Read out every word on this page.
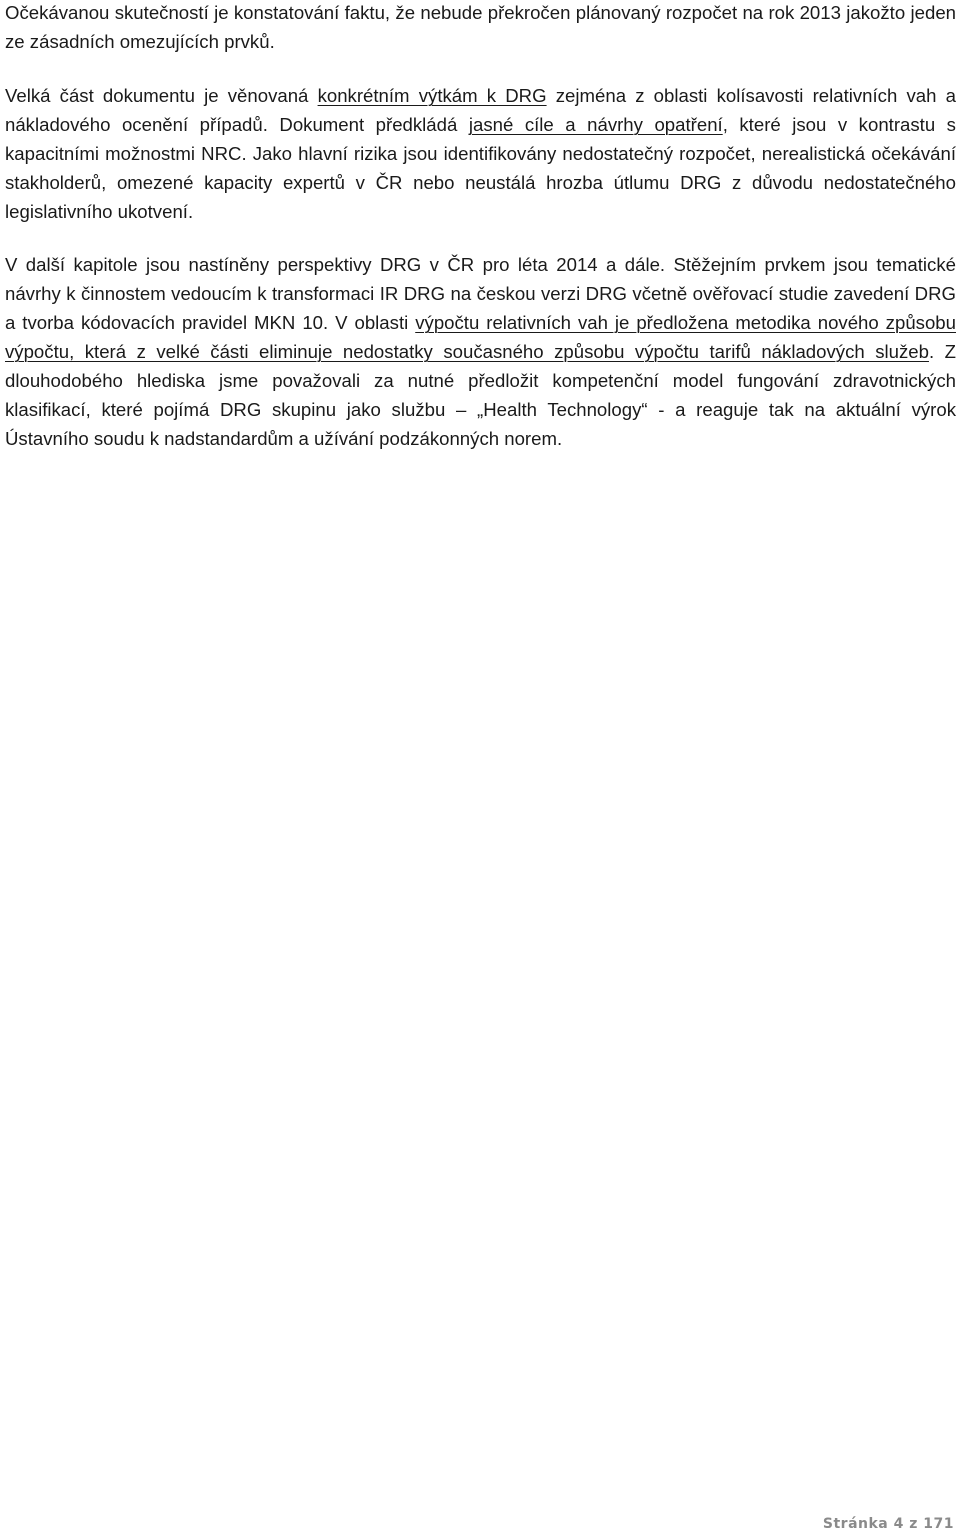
Očekávanou skutečností je konstatování faktu, že nebude překročen plánovaný rozpočet na rok 2013 jakožto jeden ze zásadních omezujících prvků.

Velká část dokumentu je věnovaná konkrétním výtkám k DRG zejména z oblasti kolísavosti relativních vah a nákladového ocenění případů. Dokument předkládá jasné cíle a návrhy opatření, které jsou v kontrastu s kapacitními možnostmi NRC. Jako hlavní rizika jsou identifikovány nedostatečný rozpočet, nerealistická očekávání stakholderů, omezené kapacity expertů v ČR nebo neustálá hrozba útlumu DRG z důvodu nedostatečného legislativního ukotvení.

V další kapitole jsou nastíněny perspektivy DRG v ČR pro léta 2014 a dále. Stěžejním prvkem jsou tematické návrhy k činnostem vedoucím k transformaci IR DRG na českou verzi DRG včetně ověřovací studie zavedení DRG a tvorba kódovacích pravidel MKN 10. V oblasti výpočtu relativních vah je předložena metodika nového způsobu výpočtu, která z velké části eliminuje nedostatky současného způsobu výpočtu tarifů nákladových služeb. Z dlouhodobého hlediska jsme považovali za nutné předložit kompetenční model fungování zdravotnických klasifikací, které pojímá DRG skupinu jako službu – „Health Technology“ - a reaguje tak na aktuální výrok Ústavního soudu k nadstandardům a užívání podzákonných norem.

Stránka 4 z 171
